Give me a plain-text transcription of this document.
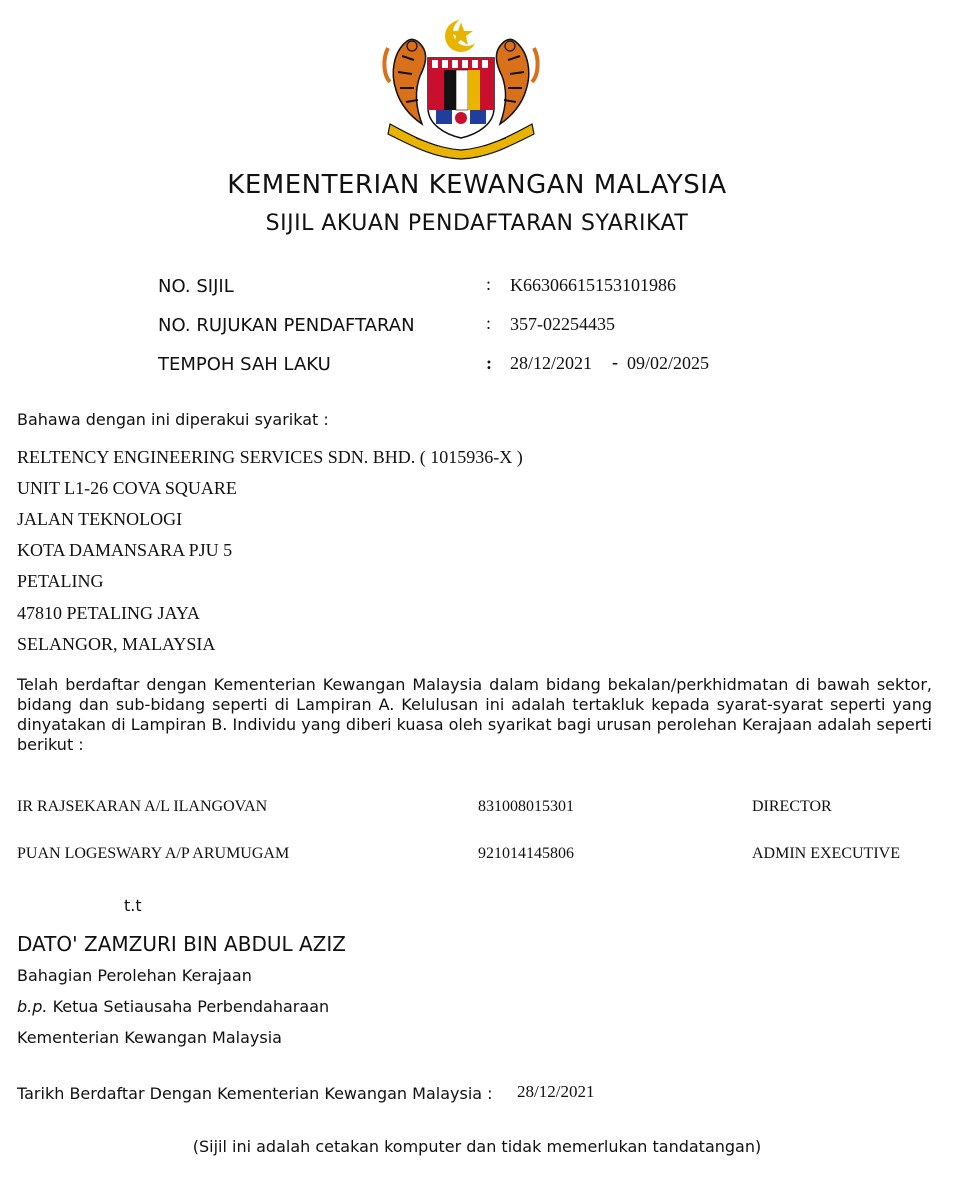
KEMENTERIAN KEWANGAN MALAYSIA
SIJIL AKUAN PENDAFTARAN SYARIKAT
NO. SIJIL	: K66306615153101986
NO. RUJUKAN PENDAFTARAN	: 357-02254435
TEMPOH SAH LAKU	: 28/12/2021 - 09/02/2025
Bahawa dengan ini diperakui syarikat :
RELTENCY ENGINEERING SERVICES SDN. BHD. ( 1015936-X )
UNIT L1-26 COVA SQUARE
JALAN TEKNOLOGI
KOTA DAMANSARA PJU 5
PETALING
47810 PETALING JAYA
SELANGOR, MALAYSIA
Telah berdaftar dengan Kementerian Kewangan Malaysia dalam bidang bekalan/perkhidmatan di bawah sektor, bidang dan sub-bidang seperti di Lampiran A. Kelulusan ini adalah tertakluk kepada syarat-syarat seperti yang dinyatakan di Lampiran B. Individu yang diberi kuasa oleh syarikat bagi urusan perolehan Kerajaan adalah seperti berikut :
IR RAJSEKARAN A/L ILANGOVAN	831008015301	DIRECTOR
PUAN LOGESWARY A/P ARUMUGAM	921014145806	ADMIN EXECUTIVE
t.t
DATO' ZAMZURI BIN ABDUL AZIZ
Bahagian Perolehan Kerajaan
b.p. Ketua Setiausaha Perbendaharaan
Kementerian Kewangan Malaysia
Tarikh Berdaftar Dengan Kementerian Kewangan Malaysia : 28/12/2021
(Sijil ini adalah cetakan komputer dan tidak memerlukan tandatangan)
